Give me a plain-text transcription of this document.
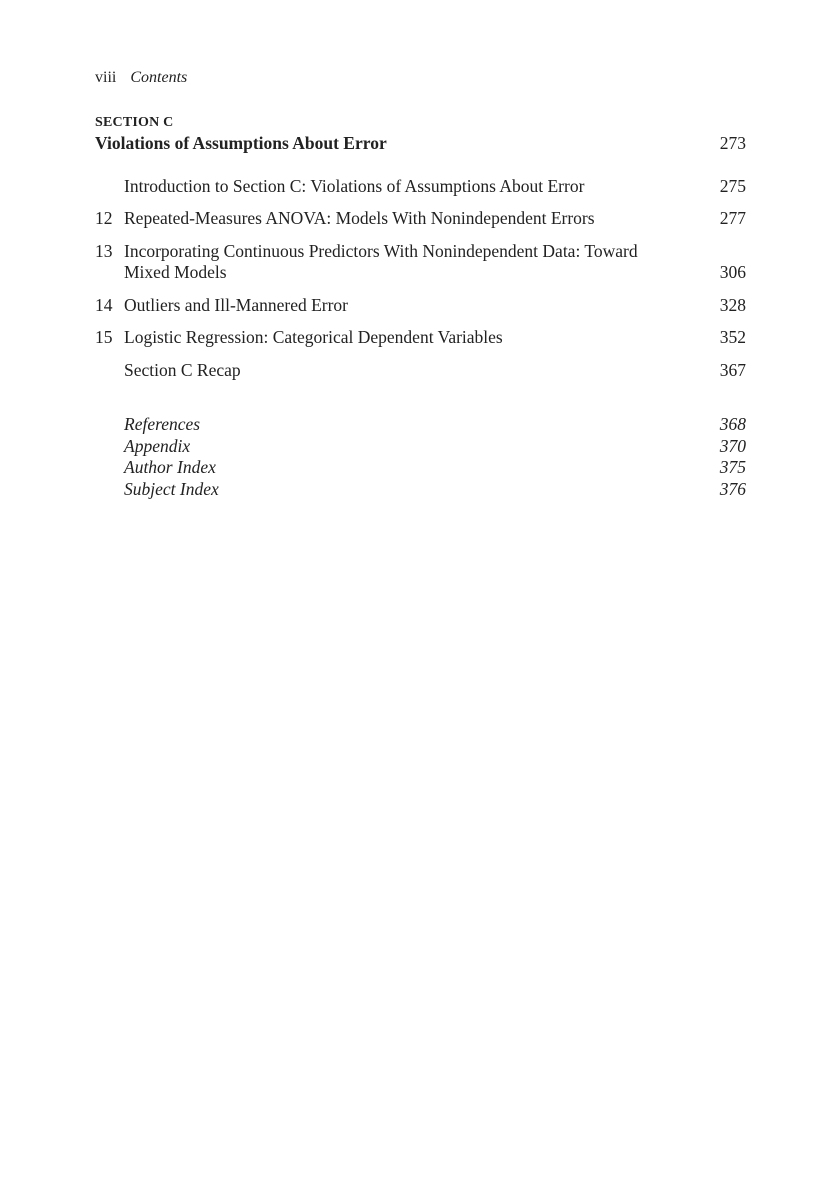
viii Contents
SECTION C
Violations of Assumptions About Error	273
Introduction to Section C: Violations of Assumptions About Error	275
12 Repeated-Measures ANOVA: Models With Nonindependent Errors	277
13 Incorporating Continuous Predictors With Nonindependent Data: Toward Mixed Models	306
14 Outliers and Ill-Mannered Error	328
15 Logistic Regression: Categorical Dependent Variables	352
Section C Recap	367
References	368
Appendix	370
Author Index	375
Subject Index	376
